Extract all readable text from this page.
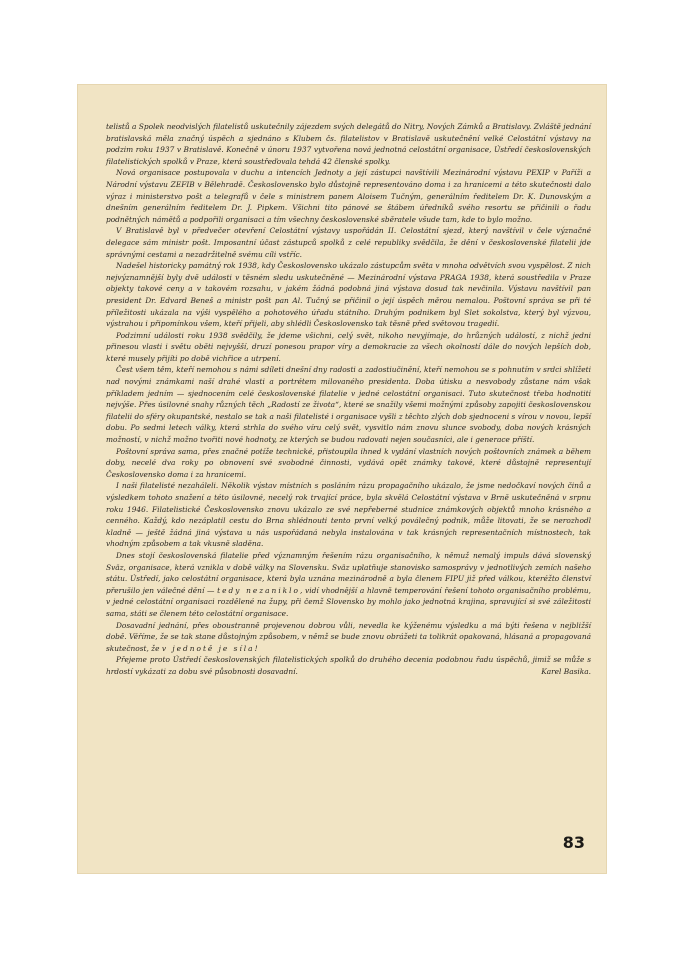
telistů a Spolek neodvislých filatelistů uskutečnily zájezdem svých delegátů do Nitry, Nových Zámků a Bratislavy. Zvláště jednání bratislavská měla značný úspěch a sjednáno s Klubem čs. filatelistov v Bratislavě uskutečnění velké Celostátní výstavy na podzim roku 1937 v Bratislavě. Konečně v únoru 1937 vytvořena nová jednotná celostátní organisace, Ústředí československých filatelistických spolků v Praze, která soustřeďovala tehdá 42 členské spolky.

Nová organisace postupovala v duchu a intencích Jednoty a její zástupci navštívili Mezinárodní výstavu PEXIP v Paříži a Národní výstavu ZEFIB v Bělehradě. Československo bylo důstojně representováno doma i za hranicemi a této skutečnosti dalo výraz i ministerstvo pošt a telegrafů v čele s ministrem panem Aloisem Tučným, generálním ředitelem Dr. K. Dunovským a dnešním generálním ředitelem Dr. J. Pipkem. Všichni tito pánové se štábem úředníků svého resortu se přičinili o řadu podnětných námětů a podpořili organisaci a tím všechny československé sběratele všude tam, kde to bylo možno.

V Bratislavě byl v předvečer otevření Celostátní výstavy uspořádán II. Celostátní sjezd, který navštívil v čele význačné delegace sám ministr pošt. Imposantní účast zástupců spolků z celé republiky svědčila, že dění v československé filatelii jde správnými cestami a nezadržitelně svému cíli vstříc.

Nadešel historicky památný rok 1938, kdy Československo ukázalo zástupcům světa v mnoha odvětvích svou vyspělost. Z nich nejvýznamnější byly dvě události v těsném sledu uskutečněné — Mezinárodní výstava PRAGA 1938, která soustředila v Praze objekty takové ceny a v takovém rozsahu, v jakém žádná podobná jiná výstava dosud tak nevčinila. Výstavu navštívil pan president Dr. Edvard Beneš a ministr pošt pan Al. Tučný se přičinil o její úspěch měrou nemalou. Poštovní správa se při té příležitosti ukázala na výši vyspělého a pohotového úřadu státního. Druhým podnikem byl Slet sokolstva, který byl výzvou, výstrahou i připomínkou všem, kteří přijeli, aby shlédli Československo tak těsně před světovou tragedií.

Podzimní události roku 1938 svědčily, že jdeme všichni, celý svět, nikoho nevyjímaje, do hrůzných událostí, z nichž jedni přinesou vlasti i světu oběti nejvyšší, druzí ponesou prapor víry a demokracie za všech okolností dále do nových lepších dob, které musely přijíti po době vichřice a utrpení.

Čest všem těm, kteří nemohou s námi sdíleti dnešní dny radosti a zadostiučinění, kteří nemohou se s pohnutím v srdci shlížeti nad novými známkami naší drahé vlasti a portrétem milovaného presidenta. Doba útisku a nesvobody zůstane nám však příkladem jedním — sjednocením celé československé filatelie v jedné celostátní organisaci. Tuto skutečnost třeba hodnotiti nejvýše. Přes úsilovné snahy různých těch „Radostí ze života“, které se snažily všemi možnými způsoby zapojiti československou filatelii do sféry okupantské, nestalo se tak a naši filatelisté i organisace vyšli z těchto zlých dob sjednoceni s vírou v novou, lepší dobu. Po sedmi letech války, která strhla do svého víru celý svět, vysvitlo nám znovu slunce svobody, doba nových krásných možností, v nichž možno tvořiti nové hodnoty, ze kterých se budou radovati nejen současníci, ale i generace příští.

Poštovní správa sama, přes značné potíže technické, přistoupila ihned k vydání vlastních nových poštovních známek a během doby, necelé dva roky po obnovení své svobodné činnosti, vydává opět známky takové, které důstojně representují Československo doma i za hranicemi.

I naši filatelisté nezaháleli. Několik výstav místních s posláním rázu propagačního ukázalo, že jsme nedočkaví nových činů a výsledkem tohoto snažení a této úsilovné, necelý rok trvající práce, byla skvělá Celostátní výstava v Brně uskutečněná v srpnu roku 1946. Filatelistické Československo znovu ukázalo ze své nepřeberné studnice známkových objektů mnoho krásného a cenného. Každý, kdo nezáplatil cestu do Brna shlédnouti tento první velký poválečný podnik, může litovati, že se nerozhodl kladně — ještě žádná jiná výstava u nás uspořádaná nebyla instalována v tak krásných representačních místnostech, tak vhodným způsobem a tak vkusně sladěna.

Dnes stojí československá filatelie před významným řešením rázu organisačního, k němuž nemalý impuls dává slovenský Sväz, organisace, která vznikla v době války na Slovensku. Sväz uplatňuje stanovisko samosprávy v jednotlivých zemích našeho státu. Ústředí, jako celostátní organisace, která byla uznána mezinárodně a byla členem FIPU již před válkou, kteréžto členství přerušilo jen válečné dění — tedy nezaniklo, vidí vhodnější a hlavně temperování řešení tohoto organisačního problému, v jedné celostátní organisaci rozdělené na župy, při čemž Slovensko by mohlo jako jednotná krajina, spravující si své záležitosti sama, státi se členem této celostátní organisace.

Dosavadní jednání, přes oboustranně projevenou dobrou vůli, nevedla ke kýženému výsledku a má býti řešena v nejbližší době. Věříme, že se tak stane důstojným způsobem, v němž se bude znovu obrážeti ta tolikrát opakovaná, hlásaná a propagovaná skutečnost, že v jednotě je síla!

Přejeme proto Ústředí československých filatelistických spolků do druhého decenia podobnou řadu úspěchů, jimiž se může s hrdostí vykázati za dobu své působnosti dosavadní.	Karel Basika.

83
